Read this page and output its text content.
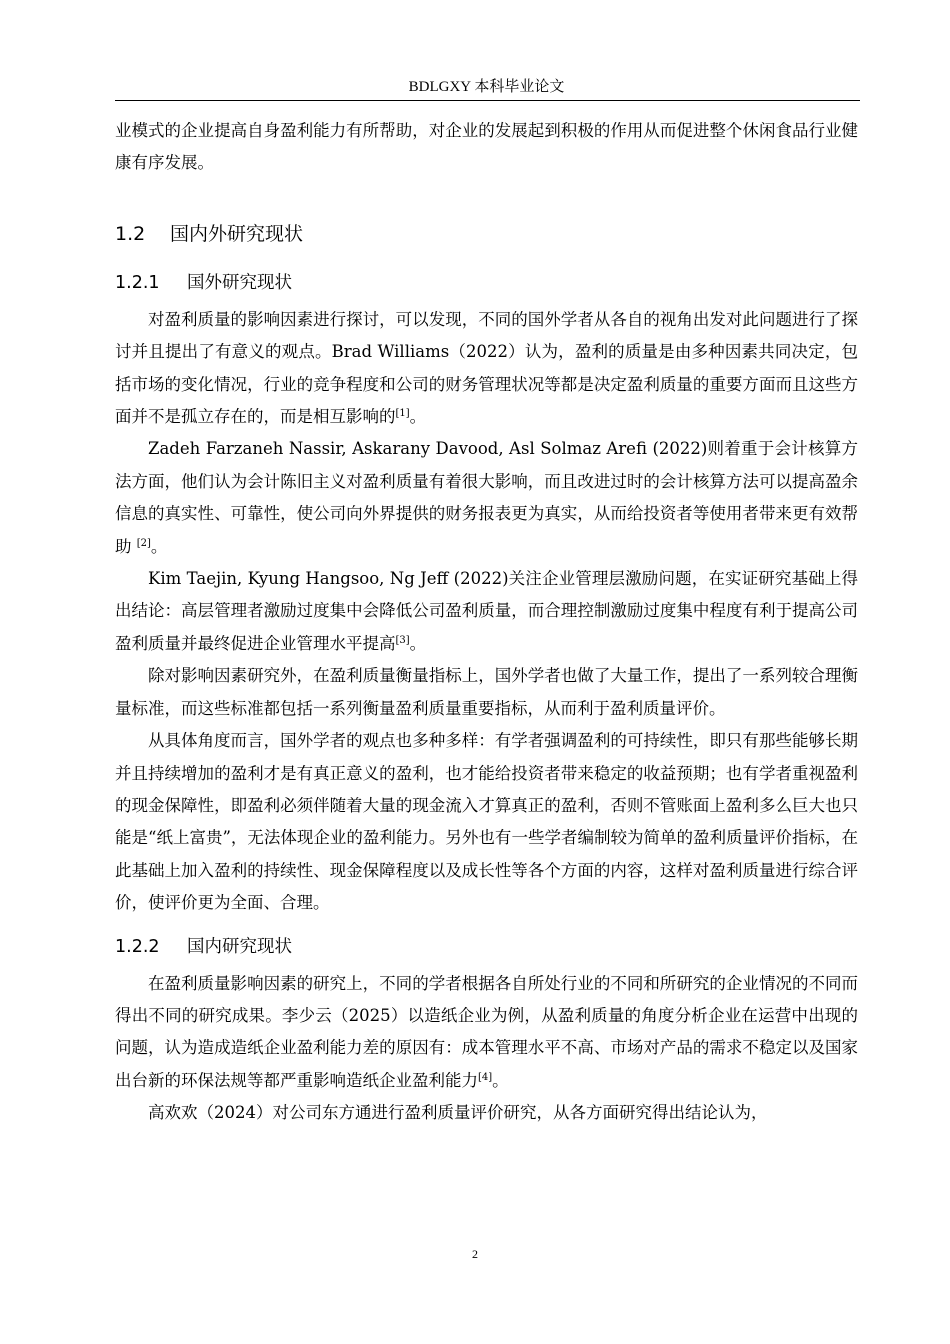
BDLGXY 本科毕业论文

业模式的企业提高自身盈利能力有所帮助，对企业的发展起到积极的作用从而促进整个休闲食品行业健康有序发展。

1.2 国内外研究现状
1.2.1 国外研究现状

对盈利质量的影响因素进行探讨，可以发现，不同的国外学者从各自的视角出发对此问题进行了探讨并且提出了有意义的观点。Brad Williams（2022）认为，盈利的质量是由多种因素共同决定，包括市场的变化情况，行业的竞争程度和公司的财务管理状况等都是决定盈利质量的重要方面而且这些方面并不是孤立存在的，而是相互影响的[1]。

Zadeh Farzaneh Nassir, Askarany Davood, Asl Solmaz Arefi (2022)则着重于会计核算方法方面，他们认为会计陈旧主义对盈利质量有着很大影响，而且改进过时的会计核算方法可以提高盈余信息的真实性、可靠性，使公司向外界提供的财务报表更为真实，从而给投资者等使用者带来更有效帮助 [2]。

Kim Taejin, Kyung Hangsoo, Ng Jeff (2022)关注企业管理层激励问题，在实证研究基础上得出结论：高层管理者激励过度集中会降低公司盈利质量，而合理控制激励过度集中程度有利于提高公司盈利质量并最终促进企业管理水平提高[3]。

除对影响因素研究外，在盈利质量衡量指标上，国外学者也做了大量工作，提出了一系列较合理衡量标准，而这些标准都包括一系列衡量盈利质量重要指标，从而利于盈利质量评价。

从具体角度而言，国外学者的观点也多种多样：有学者强调盈利的可持续性，即只有那些能够长期并且持续增加的盈利才是有真正意义的盈利，也才能给投资者带来稳定的收益预期；也有学者重视盈利的现金保障性，即盈利必须伴随着大量的现金流入才算真正的盈利，否则不管账面上盈利多么巨大也只能是“纸上富贵”，无法体现企业的盈利能力。另外也有一些学者编制较为简单的盈利质量评价指标，在此基础上加入盈利的持续性、现金保障程度以及成长性等各个方面的内容，这样对盈利质量进行综合评价，使评价更为全面、合理。

1.2.2 国内研究现状

在盈利质量影响因素的研究上，不同的学者根据各自所处行业的不同和所研究的企业情况的不同而得出不同的研究成果。李少云（2025）以造纸企业为例，从盈利质量的角度分析企业在运营中出现的问题，认为造成造纸企业盈利能力差的原因有：成本管理水平不高、市场对产品的需求不稳定以及国家出台新的环保法规等都严重影响造纸企业盈利能力[4]。

高欢欢（2024）对公司东方通进行盈利质量评价研究，从各方面研究得出结论认为，

2
